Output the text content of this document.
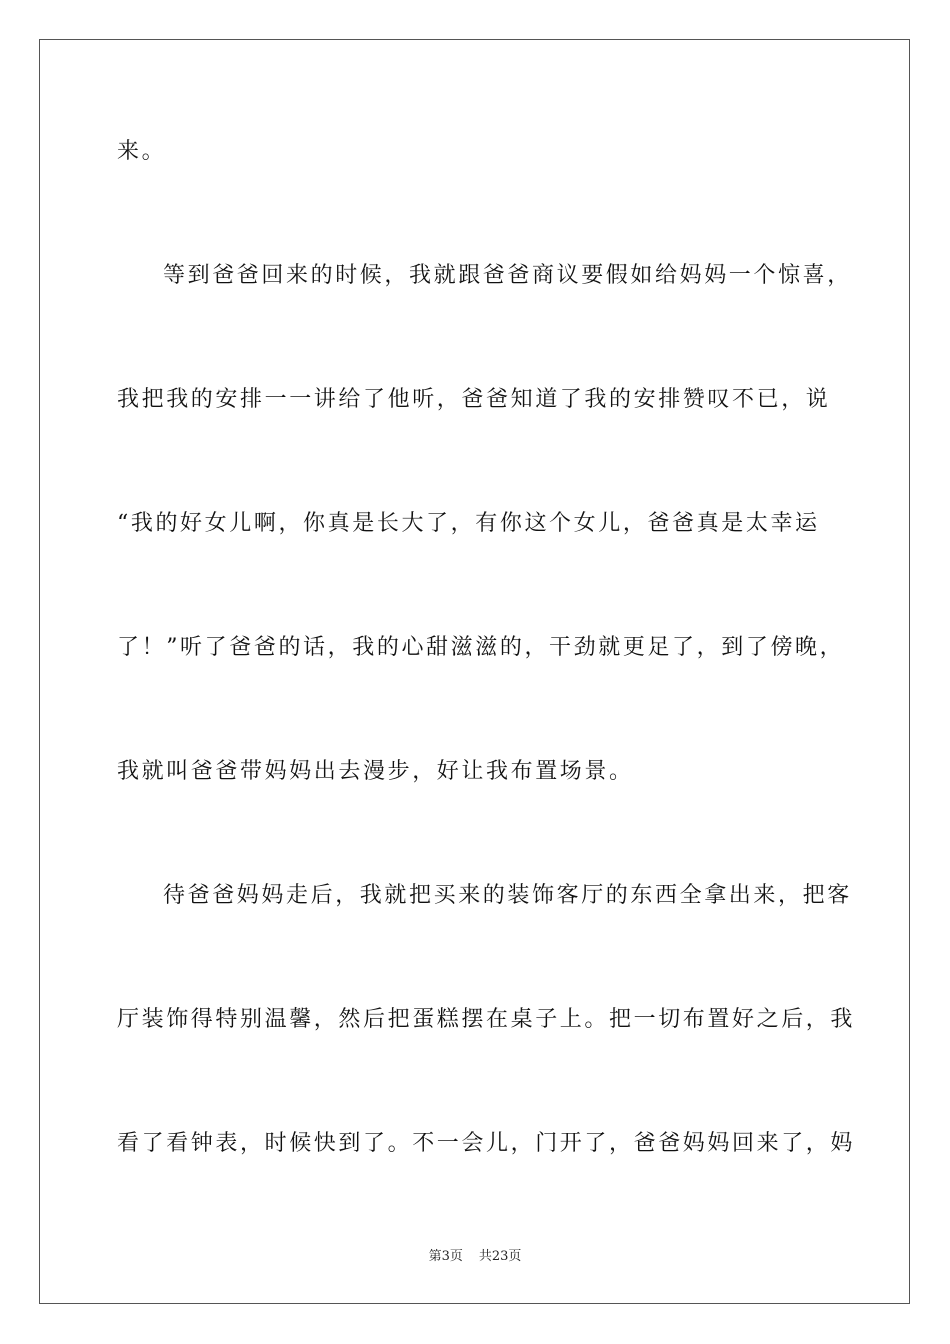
来。
等到爸爸回来的时候，我就跟爸爸商议要假如给妈妈一个惊喜，
我把我的安排一一讲给了他听，爸爸知道了我的安排赞叹不已，说
“我的好女儿啊，你真是长大了，有你这个女儿，爸爸真是太幸运
了！”听了爸爸的话，我的心甜滋滋的，干劲就更足了，到了傍晚，
我就叫爸爸带妈妈出去漫步，好让我布置场景。
待爸爸妈妈走后，我就把买来的装饰客厅的东西全拿出来，把客
厅装饰得特别温馨，然后把蛋糕摆在桌子上。把一切布置好之后，我
看了看钟表，时候快到了。不一会儿，门开了，爸爸妈妈回来了，妈
第3页 共23页
